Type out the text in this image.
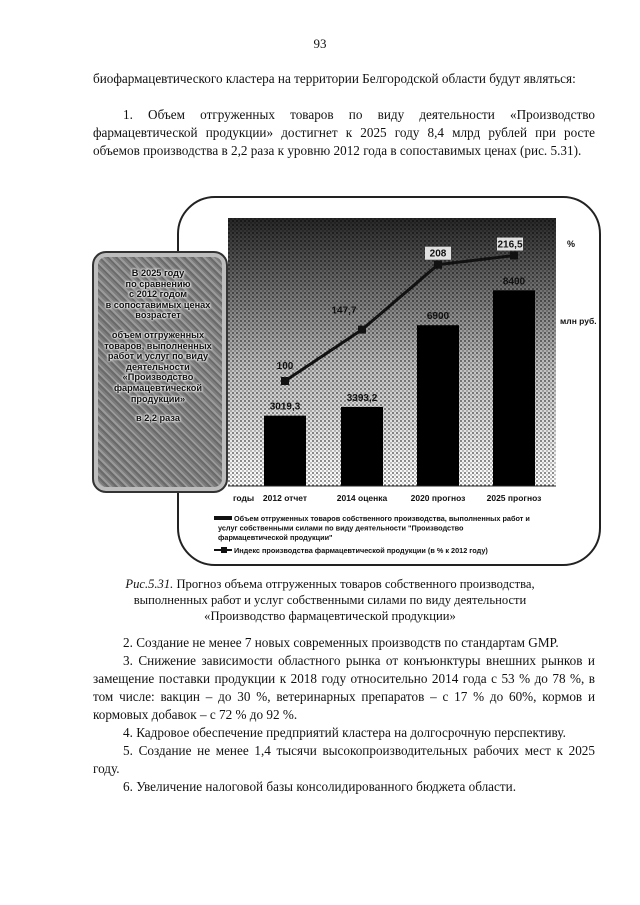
93

биофармацевтического кластера на территории Белгородской области будут являться:

1. Объем отгруженных товаров по виду деятельности «Производство фармацевтической продукции» достигнет к 2025 году 8,4 млрд рублей при росте объемов производства в 2,2 раза к уровню 2012 года в сопоставимых ценах (рис. 5.31).

3019,3
3393,2
6900
8400
годы 2012 отчет	2014 оценка	2020 прогноз 2025 прогноз
100
147,7
208
216,5	%
млн руб.
Объем отгруженных товаров собственного производства, выполненных работ и услуг собственными силами по виду деятельности "Производство фармацевтической продукции"
Индекс производства фармацевтической продукции (в % к 2012 году)
В 2025 году
по сравнению
с 2012 годом
в сопоставимых ценах
возрастет
объем отгруженных
товаров, выполненных
работ и услуг по виду
деятельности
«Производство
фармацевтической
продукции»
в 2,2 раза
Рис.5.31. Прогноз объема отгруженных товаров собственного производства, выполненных работ и услуг собственными силами по виду деятельности «Производство фармацевтической продукции»

2. Создание не менее 7 новых современных производств по стандартам GMP.

3. Снижение зависимости областного рынка от конъюнктуры внешних рынков и замещение поставки продукции к 2018 году относительно 2014 года с 53 % до 78 %, в том числе: вакцин – до 30 %, ветеринарных препаратов – с 17 % до 60%, кормов и кормовых добавок – с 72 % до 92 %.

4. Кадровое обеспечение предприятий кластера на долгосрочную перспективу.

5. Создание не менее 1,4 тысячи высокопроизводительных рабочих мест к 2025 году.

6. Увеличение налоговой базы консолидированного бюджета области.
